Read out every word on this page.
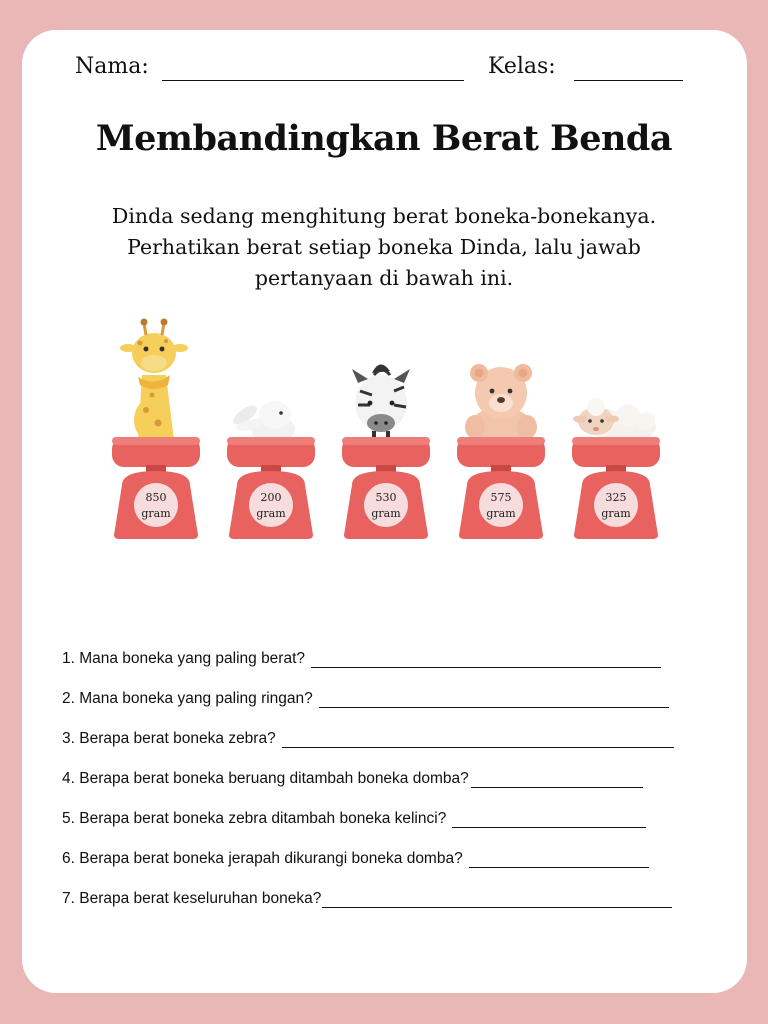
Nama:	Kelas:
Membandingkan Berat Benda
Dinda sedang menghitung berat boneka-bonekanya.
Perhatikan berat setiap boneka Dinda, lalu jawab
pertanyaan di bawah ini.
850
gram
200
gram
530
gram
575
gram
325
gram
1. Mana boneka yang paling berat?
2. Mana boneka yang paling ringan?
3. Berapa berat boneka zebra?
4. Berapa berat boneka beruang ditambah boneka domba?
5. Berapa berat boneka zebra ditambah boneka kelinci?
6. Berapa berat boneka jerapah dikurangi boneka domba?
7. Berapa berat keseluruhan boneka?
